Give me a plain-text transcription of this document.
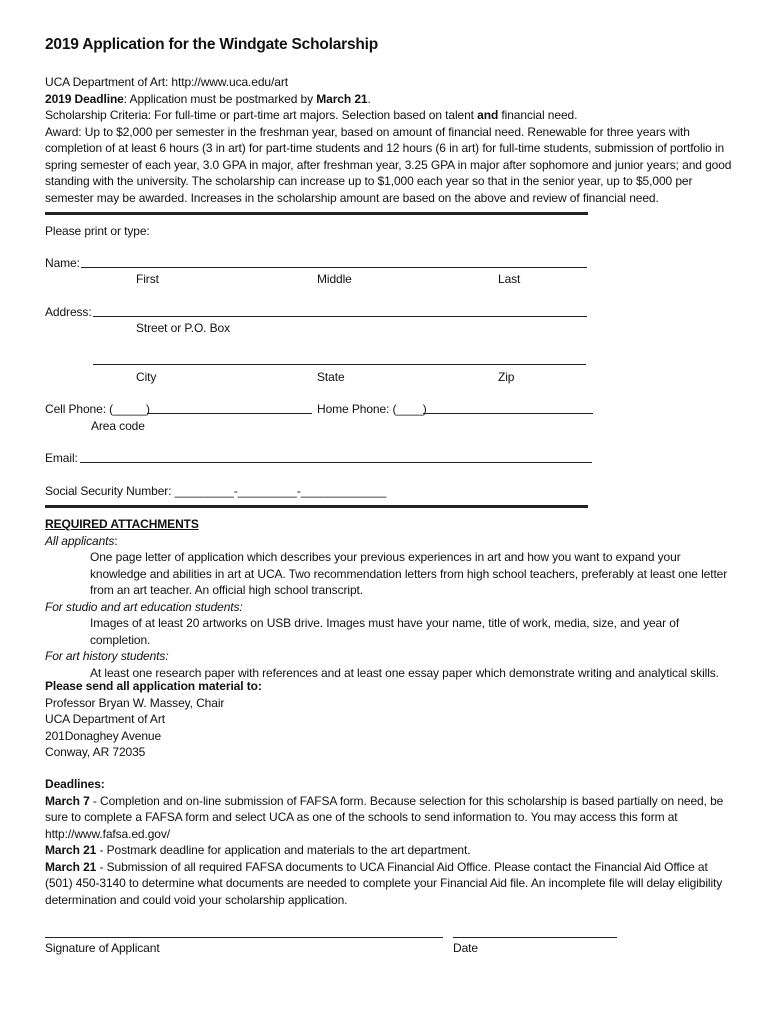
2019 Application for the Windgate Scholarship

UCA Department of Art: http://www.uca.edu/art

2019 Deadline: Application must be postmarked by March 21.

Scholarship Criteria: For full-time or part-time art majors. Selection based on talent and financial need.

Award: Up to $2,000 per semester in the freshman year, based on amount of financial need. Renewable for three years with completion of at least 6 hours (3 in art) for part-time students and 12 hours (6 in art) for full-time students, submission of portfolio in spring semester of each year, 3.0 GPA in major, after freshman year, 3.25 GPA in major after sophomore and junior years; and good standing with the university. The scholarship can increase up to $1,000 each year so that in the senior year, up to $5,000 per semester may be awarded. Increases in the scholarship amount are based on the above and review of financial need.

Please print or type:
Name:
First	Middle	Last
Address:
Street or P.O. Box
City	State	Zip
Cell Phone: (_____)
Area code
Home Phone: (____)
Email:
Social Security Number: _________-_________-_____________

REQUIRED ATTACHMENTS

All applicants:

One page letter of application which describes your previous experiences in art and how you want to expand your knowledge and abilities in art at UCA. Two recommendation letters from high school teachers, preferably at least one letter from an art teacher. An official high school transcript.

For studio and art education students:

Images of at least 20 artworks on USB drive. Images must have your name, title of work, media, size, and year of completion.

For art history students:

At least one research paper with references and at least one essay paper which demonstrate writing and analytical skills.

Please send all application material to:

Professor Bryan W. Massey, Chair

UCA Department of Art

201Donaghey Avenue

Conway, AR 72035

Deadlines:

March 7 - Completion and on-line submission of FAFSA form. Because selection for this scholarship is based partially on need, be sure to complete a FAFSA form and select UCA as one of the schools to send information to. You may access this form at http://www.fafsa.ed.gov/

March 21 - Postmark deadline for application and materials to the art department.

March 21 - Submission of all required FAFSA documents to UCA Financial Aid Office. Please contact the Financial Aid Office at (501) 450-3140 to determine what documents are needed to complete your Financial Aid file. An incomplete file will delay eligibility determination and could void your scholarship application.

Signature of Applicant	Date
